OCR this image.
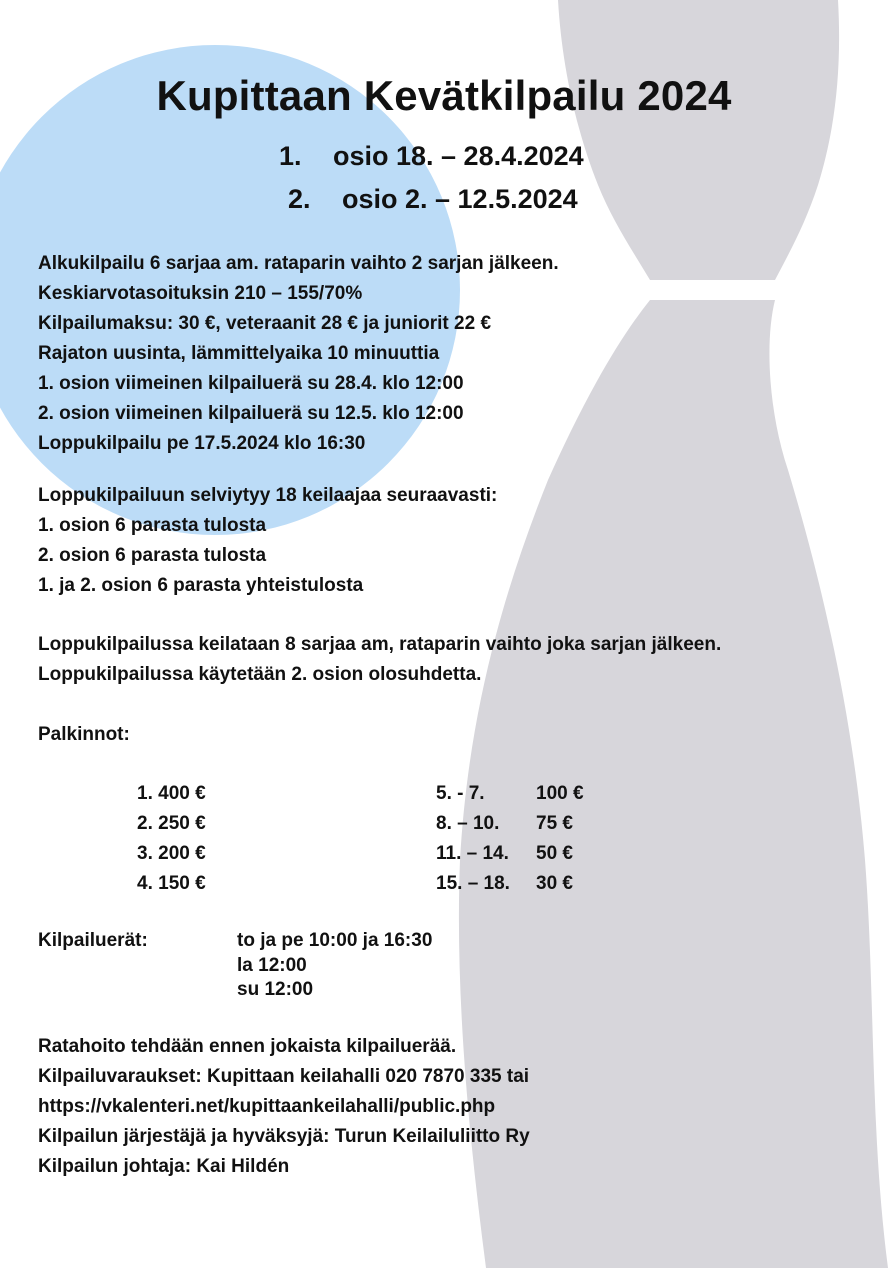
Kupittaan Kevätkilpailu 2024
1. osio 18. – 28.4.2024
2. osio 2. – 12.5.2024
Alkukilpailu 6 sarjaa am. rataparin vaihto 2 sarjan jälkeen.
Keskiarvotasoituksin 210 – 155/70%
Kilpailumaksu: 30 €, veteraanit 28 € ja juniorit 22 €
Rajaton uusinta, lämmittelyaika 10 minuuttia
1. osion viimeinen kilpailuerä su 28.4. klo 12:00
2. osion viimeinen kilpailuerä su 12.5. klo 12:00
Loppukilpailu pe 17.5.2024 klo 16:30
Loppukilpailuun selviytyy 18 keilaajaa seuraavasti:
1. osion 6 parasta tulosta
2. osion 6 parasta tulosta
1. ja 2. osion 6 parasta yhteistulosta
Loppukilpailussa keilataan 8 sarjaa am, rataparin vaihto joka sarjan jälkeen.
Loppukilpailussa käytetään 2. osion olosuhdetta.
Palkinnot:
1. 400 €
2. 250 €
3. 200 €
4. 150 €
5. - 7.	100 €
8. – 10. 75 €
11. – 14. 50 €
15. – 18. 30 €
Kilpailuerät:	to ja pe 10:00 ja 16:30
la 12:00
su 12:00
Ratahoito tehdään ennen jokaista kilpailuerää.
Kilpailuvaraukset: Kupittaan keilahalli 020 7870 335 tai
https://vkalenteri.net/kupittaankeilahalli/public.php
Kilpailun järjestäjä ja hyväksyjä: Turun Keilailuliitto Ry
Kilpailun johtaja: Kai Hildén
